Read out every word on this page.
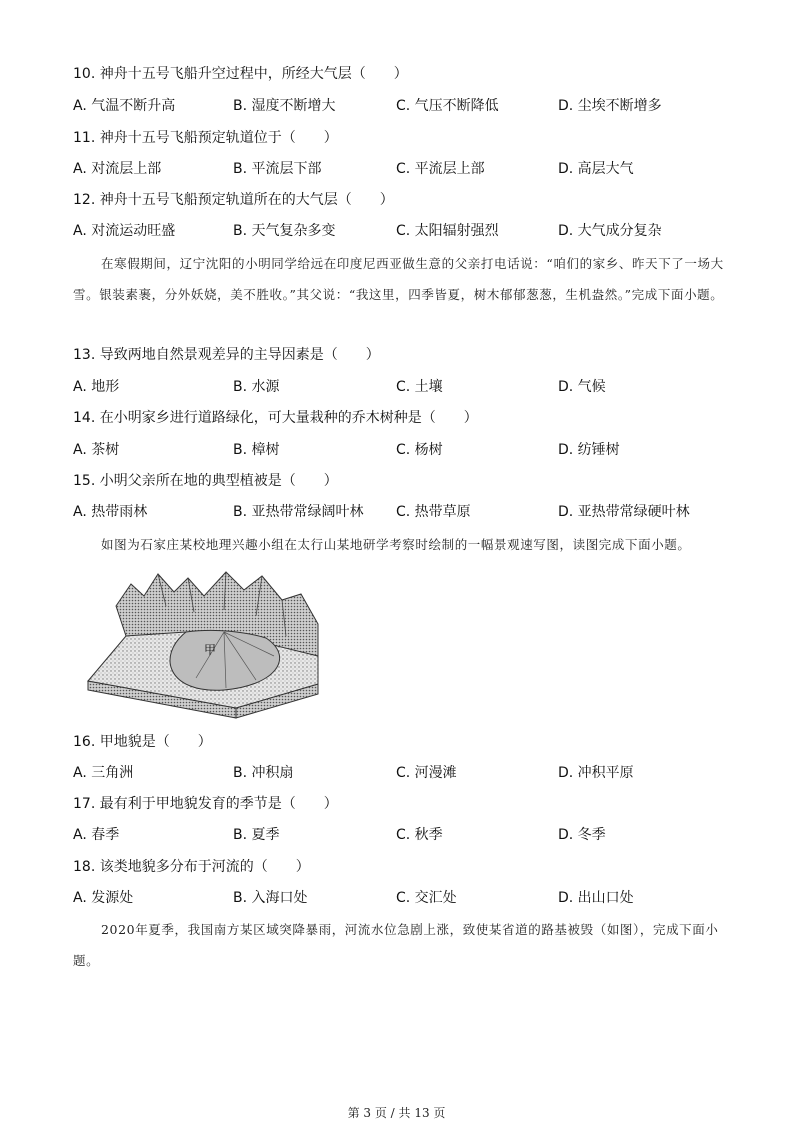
10. 神舟十五号飞船升空过程中，所经大气层（　　）
A. 气温不断升高	B. 湿度不断增大	C. 气压不断降低	D. 尘埃不断增多
11. 神舟十五号飞船预定轨道位于（　　）
A. 对流层上部	B. 平流层下部	C. 平流层上部	D. 高层大气
12. 神舟十五号飞船预定轨道所在的大气层（　　）
A. 对流运动旺盛	B. 天气复杂多变	C. 太阳辐射强烈	D. 大气成分复杂
在寒假期间，辽宁沈阳的小明同学给远在印度尼西亚做生意的父亲打电话说：“咱们的家乡、昨天下了一场大雪。银装素裹，分外妖娆，美不胜收。”其父说：“我这里，四季皆夏，树木郁郁葱葱，生机盎然。”完成下面小题。
13. 导致两地自然景观差异的主导因素是（　　）
A. 地形	B. 水源	C. 土壤	D. 气候
14. 在小明家乡进行道路绿化，可大量栽种的乔木树种是（　　）
A. 茶树	B. 樟树	C. 杨树	D. 纺锤树
15. 小明父亲所在地的典型植被是（　　）
A. 热带雨林	B. 亚热带常绿阔叶林 C. 热带草原	D. 亚热带常绿硬叶林
如图为石家庄某校地理兴趣小组在太行山某地研学考察时绘制的一幅景观速写图，读图完成下面小题。
甲
16. 甲地貌是（　　）
A. 三角洲	B. 冲积扇	C. 河漫滩	D. 冲积平原
17. 最有利于甲地貌发育的季节是（　　）
A. 春季	B. 夏季	C. 秋季	D. 冬季
18. 该类地貌多分布于河流的（　　）
A. 发源处	B. 入海口处	C. 交汇处	D. 出山口处
2020年夏季，我国南方某区域突降暴雨，河流水位急剧上涨，致使某省道的路基被毁（如图），完成下面小题。
第 3 页 / 共 13 页
